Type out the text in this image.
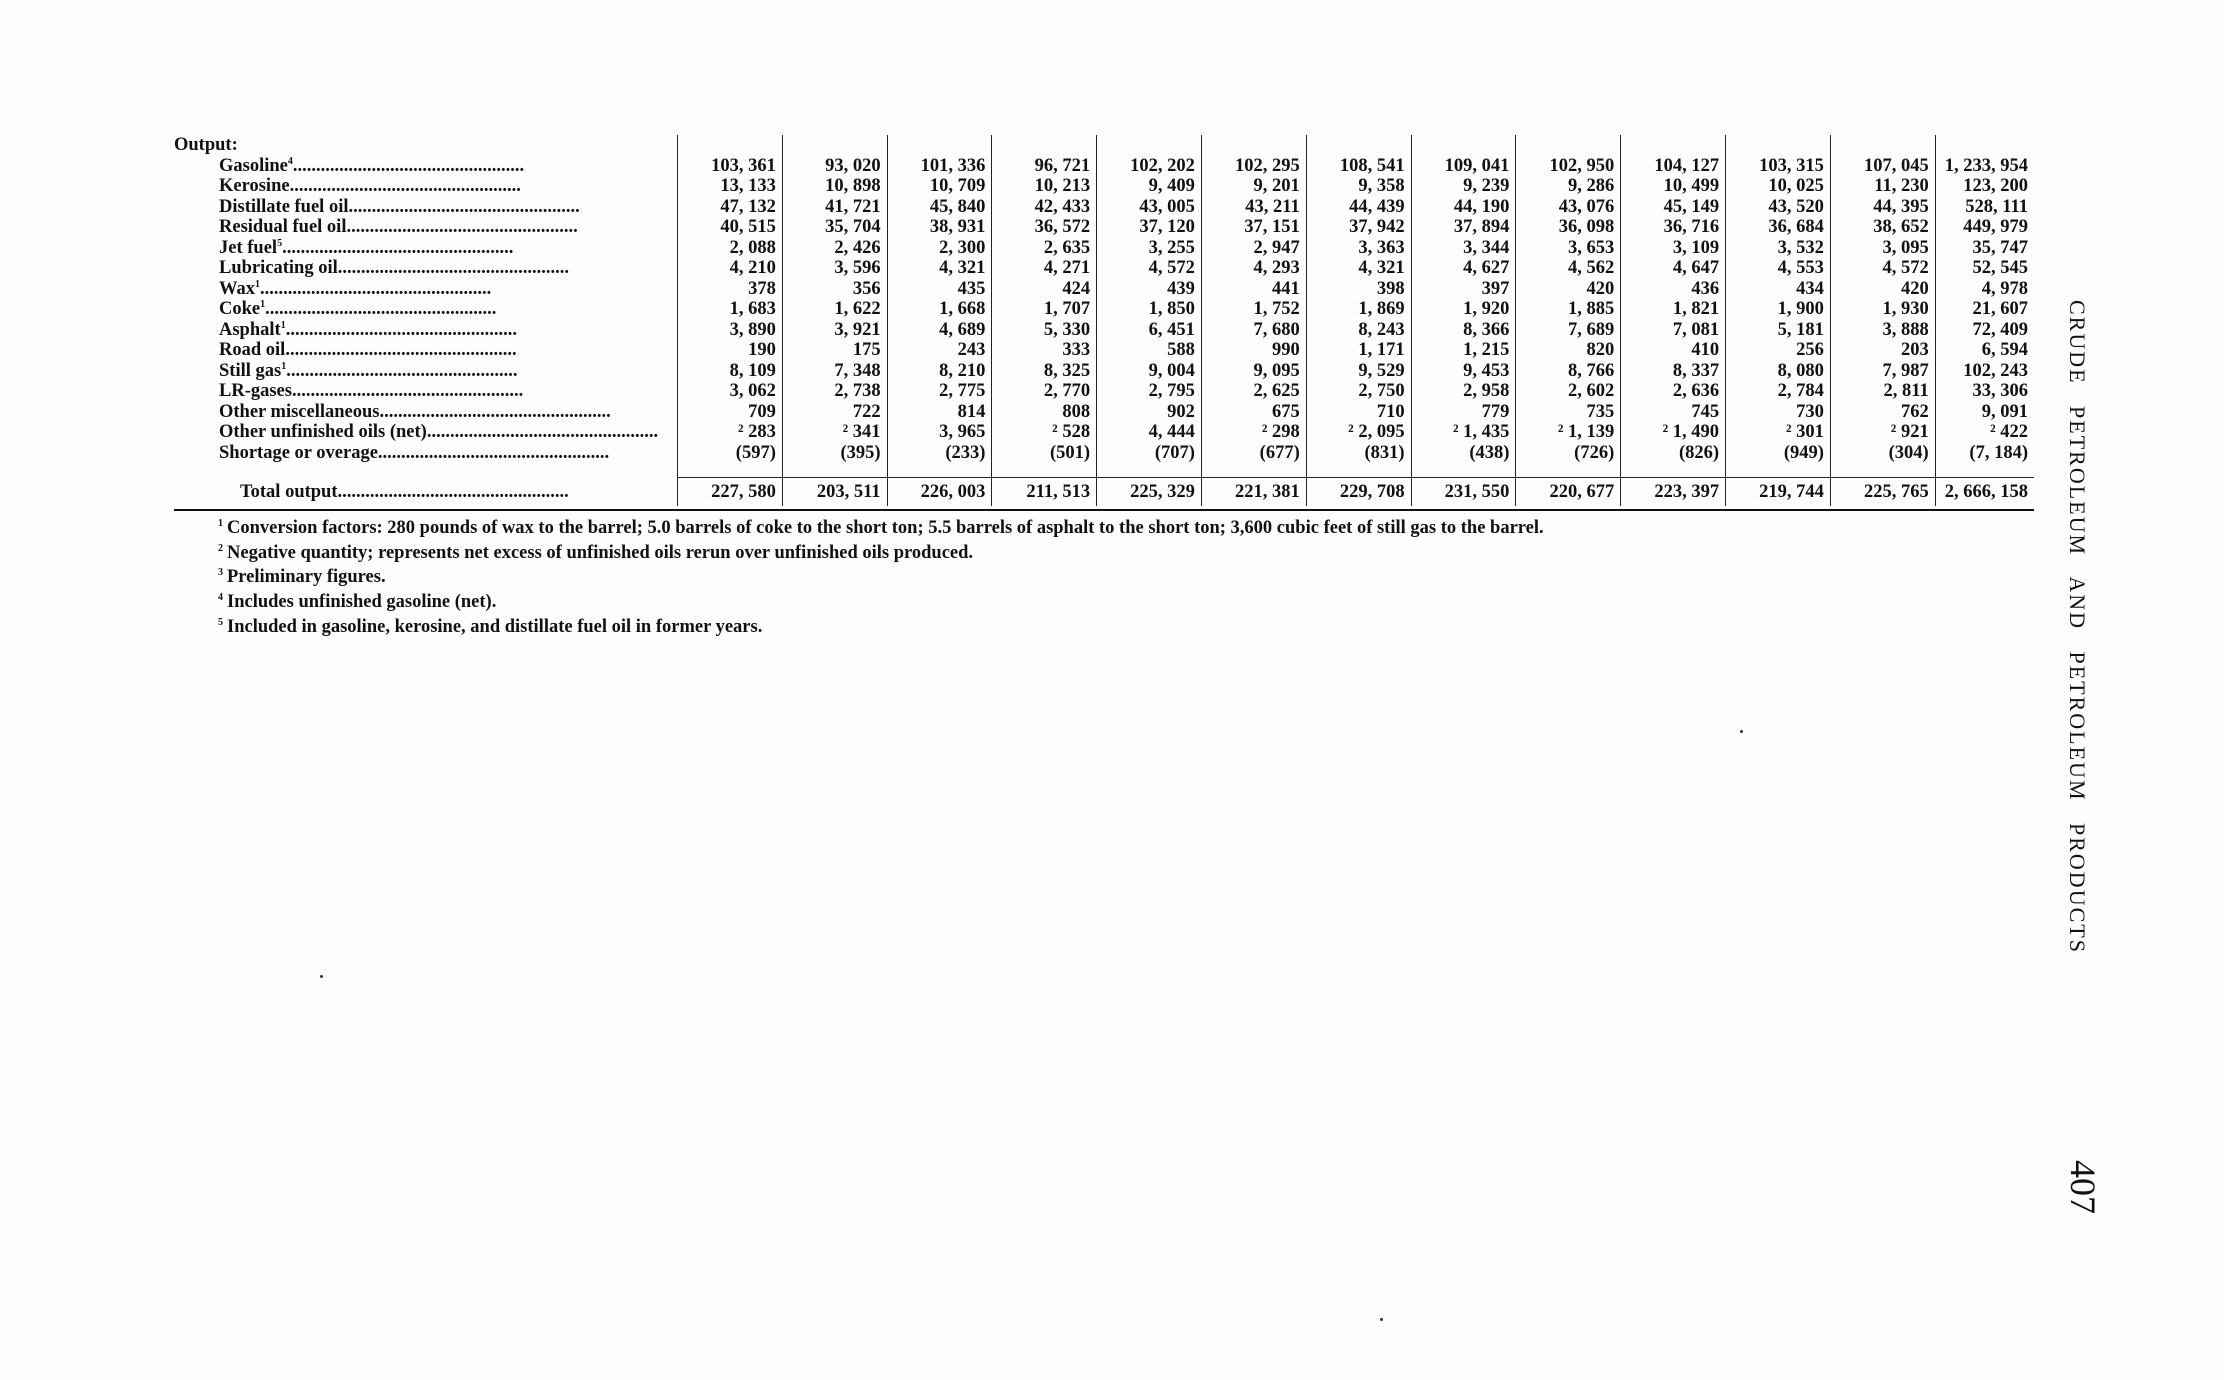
Output:													

Gasoline$^4$..................................................	103, 361	93, 020	101, 336	96, 721	102, 202	102, 295	108, 541	109, 041	102, 950	104, 127	103, 315	107, 045	1, 233, 954

Kerosine..................................................	13, 133	10, 898	10, 709	10, 213	9, 409	9, 201	9, 358	9, 239	9, 286	10, 499	10, 025	11, 230	123, 200

Distillate fuel oil..................................................	47, 132	41, 721	45, 840	42, 433	43, 005	43, 211	44, 439	44, 190	43, 076	45, 149	43, 520	44, 395	528, 111

Residual fuel oil..................................................	40, 515	35, 704	38, 931	36, 572	37, 120	37, 151	37, 942	37, 894	36, 098	36, 716	36, 684	38, 652	449, 979

Jet fuel$^5$..................................................	2, 088	2, 426	2, 300	2, 635	3, 255	2, 947	3, 363	3, 344	3, 653	3, 109	3, 532	3, 095	35, 747

Lubricating oil..................................................	4, 210	3, 596	4, 321	4, 271	4, 572	4, 293	4, 321	4, 627	4, 562	4, 647	4, 553	4, 572	52, 545

Wax$^1$..................................................	378	356	435	424	439	441	398	397	420	436	434	420	4, 978

Coke$^1$..................................................	1, 683	1, 622	1, 668	1, 707	1, 850	1, 752	1, 869	1, 920	1, 885	1, 821	1, 900	1, 930	21, 607

Asphalt$^1$..................................................	3, 890	3, 921	4, 689	5, 330	6, 451	7, 680	8, 243	8, 366	7, 689	7, 081	5, 181	3, 888	72, 409

Road oil..................................................	190	175	243	333	588	990	1, 171	1, 215	820	410	256	203	6, 594

Still gas$^1$..................................................	8, 109	7, 348	8, 210	8, 325	9, 004	9, 095	9, 529	9, 453	8, 766	8, 337	8, 080	7, 987	102, 243

LR-gases..................................................	3, 062	2, 738	2, 775	2, 770	2, 795	2, 625	2, 750	2, 958	2, 602	2, 636	2, 784	2, 811	33, 306

Other miscellaneous..................................................	709	722	814	808	902	675	710	779	735	745	730	762	9, 091

Other unfinished oils (net)..................................................	² 283	² 341	3, 965	² 528	4, 444	² 298	² 2, 095	² 1, 435	² 1, 139	² 1, 490	² 301	² 921	² 422

Shortage or overage..................................................	(597)	(395)	(233)	(501)	(707)	(677)	(831)	(438)	(726)	(826)	(949)	(304)	(7, 184)

Total output..................................................	227, 580	203, 511	226, 003	211, 513	225, 329	221, 381	229, 708	231, 550	220, 677	223, 397	219, 744	225, 765	2, 666, 158
$^1$ Conversion factors: 280 pounds of wax to the barrel; 5.0 barrels of coke to the short ton; 5.5 barrels of asphalt to the short ton; 3,600 cubic feet of still gas to the barrel.
$^2$ Negative quantity; represents net excess of unfinished oils rerun over unfinished oils produced.
$^3$ Preliminary figures.
$^4$ Includes unfinished gasoline (net).
$^5$ Included in gasoline, kerosine, and distillate fuel oil in former years.	CRUDE PETROLEUM AND PETROLEUM PRODUCTS
407
